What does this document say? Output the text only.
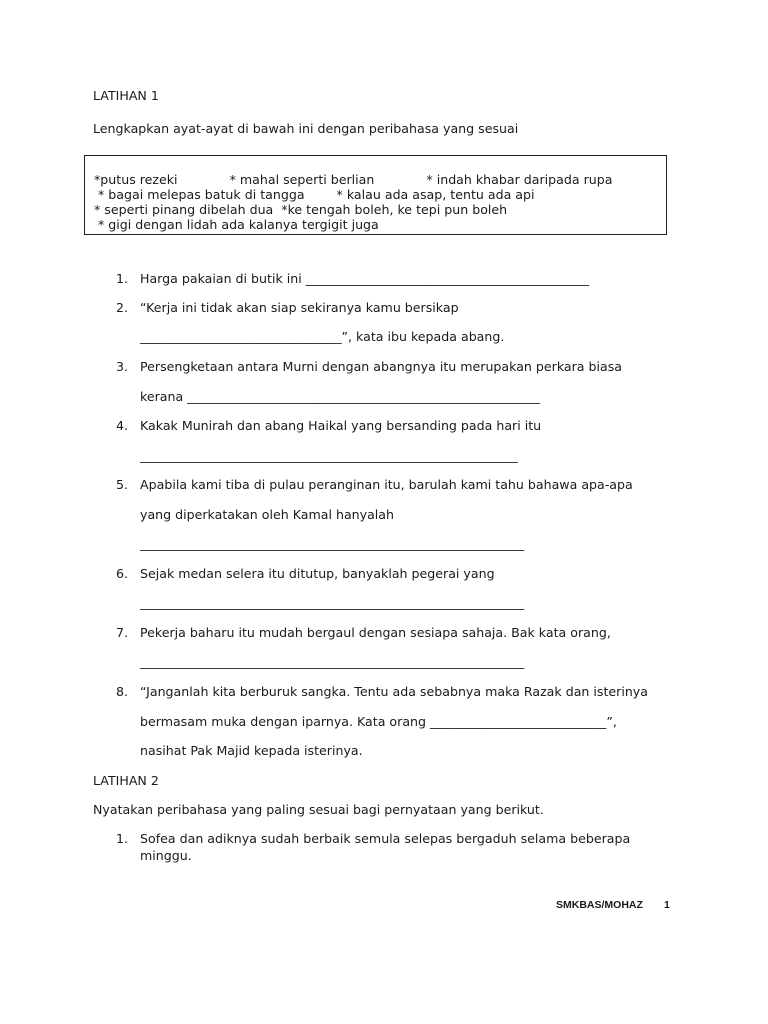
LATIHAN 1
Lengkapkan ayat-ayat di bawah ini dengan peribahasa yang sesuai
*putus rezeki             * mahal seperti berlian             * indah khabar daripada rupa
* bagai melepas batuk di tangga        * kalau ada asap, tentu ada api
* seperti pinang dibelah dua  *ke tengah boleh, ke tepi pun boleh
* gigi dengan lidah ada kalanya tergigit juga
1. Harga pakaian di butik ini _____________________________________________
2. “Kerja ini tidak akan siap sekiranya kamu bersikap
________________________________”, kata ibu kepada abang.
3. Persengketaan antara Murni dengan abangnya itu merupakan perkara biasa
kerana ________________________________________________________
4. Kakak Munirah dan abang Haikal yang bersanding pada hari itu
____________________________________________________________
5. Apabila kami tiba di pulau peranginan itu, barulah kami tahu bahawa apa-apa
yang diperkatakan oleh Kamal hanyalah
_____________________________________________________________
6. Sejak medan selera itu ditutup, banyaklah pegerai yang
_____________________________________________________________
7. Pekerja baharu itu mudah bergaul dengan sesiapa sahaja. Bak kata orang,
_____________________________________________________________
8. “Janganlah kita berburuk sangka. Tentu ada sebabnya maka Razak dan isterinya
bermasam muka dengan iparnya. Kata orang ____________________________”,
nasihat Pak Majid kepada isterinya.
LATIHAN 2
Nyatakan peribahasa yang paling sesuai bagi pernyataan yang berikut.
1. Sofea dan adiknya sudah berbaik semula selepas bergaduh selama beberapa
minggu.
SMKBAS/MOHAZ 1
